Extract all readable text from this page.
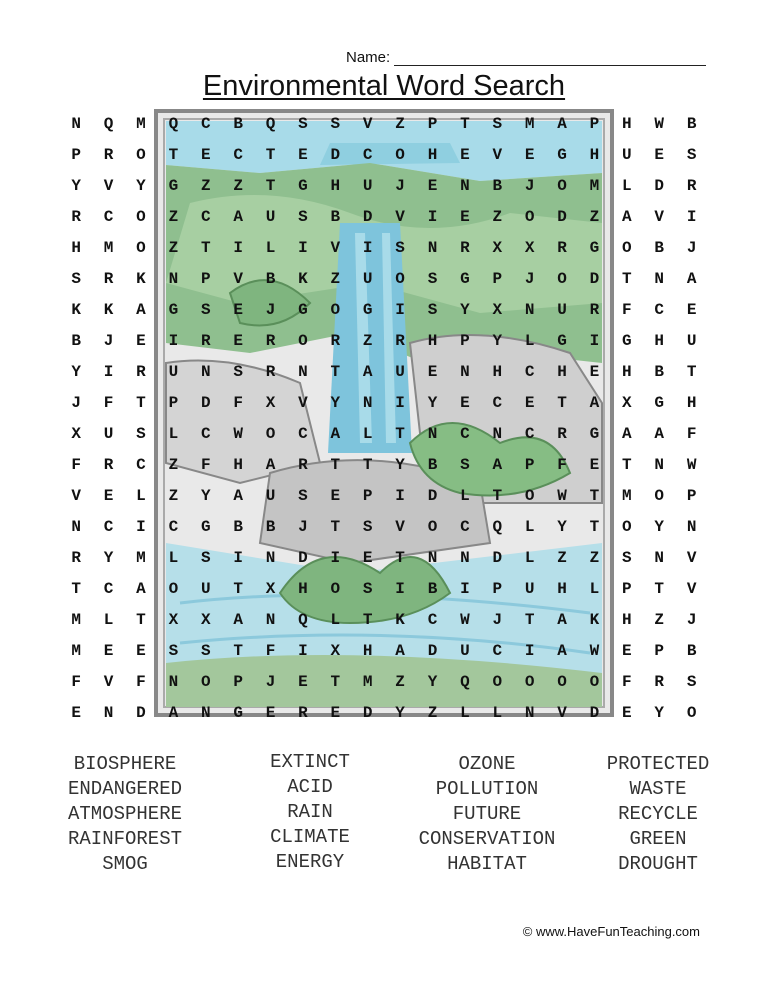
Name:
Environmental Word Search
N	Q	M	Q	C	B	Q	S	S	V	Z	P	T	S	M	A	P	H	W	B
P	R	O	T	E	C	T	E	D	C	O	H	E	V	E	G	H	U	E	S
Y	V	Y	G	Z	Z	T	G	H	U	J	E	N	B	J	O	M	L	D	R
R	C	O	Z	C	A	U	S	B	D	V	I	E	Z	O	D	Z	A	V	I
H	M	O	Z	T	I	L	I	V	I	S	N	R	X	X	R	G	O	B	J
S	R	K	N	P	V	B	K	Z	U	O	S	G	P	J	O	D	T	N	A
K	K	A	G	S	E	J	G	O	G	I	S	Y	X	N	U	R	F	C	E
B	J	E	I	R	E	R	O	R	Z	R	H	P	Y	L	G	I	G	H	U
Y	I	R	U	N	S	R	N	T	A	U	E	N	H	C	H	E	H	B	T
J	F	T	P	D	F	X	V	Y	N	I	Y	E	C	E	T	A	X	G	H
X	U	S	L	C	W	O	C	A	L	T	N	C	N	C	R	G	A	A	F
F	R	C	Z	F	H	A	R	T	T	Y	B	S	A	P	F	E	T	N	W
V	E	L	Z	Y	A	U	S	E	P	I	D	L	T	O	W	T	M	O	P
N	C	I	C	G	B	B	J	T	S	V	O	C	Q	L	Y	T	O	Y	N
R	Y	M	L	S	I	N	D	I	E	T	N	N	D	L	Z	Z	S	N	V
T	C	A	O	U	T	X	H	O	S	I	B	I	P	U	H	L	P	T	V
M	L	T	X	X	A	N	Q	L	T	K	C	W	J	T	A	K	H	Z	J
M	E	E	S	S	T	F	I	X	H	A	D	U	C	I	A	W	E	P	B
F	V	F	N	O	P	J	E	T	M	Z	Y	Q	O	O	O	O	F	R	S
E	N	D	A	N	G	E	R	E	D	Y	Z	L	L	N	V	D	E	Y	O
BIOSPHERE
ENDANGERED
ATMOSPHERE
RAINFOREST
SMOG
EXTINCT
ACID
RAIN
CLIMATE
ENERGY
OZONE
POLLUTION
FUTURE
CONSERVATION
HABITAT
PROTECTED
WASTE
RECYCLE
GREEN
DROUGHT
© www.HaveFunTeaching.com
